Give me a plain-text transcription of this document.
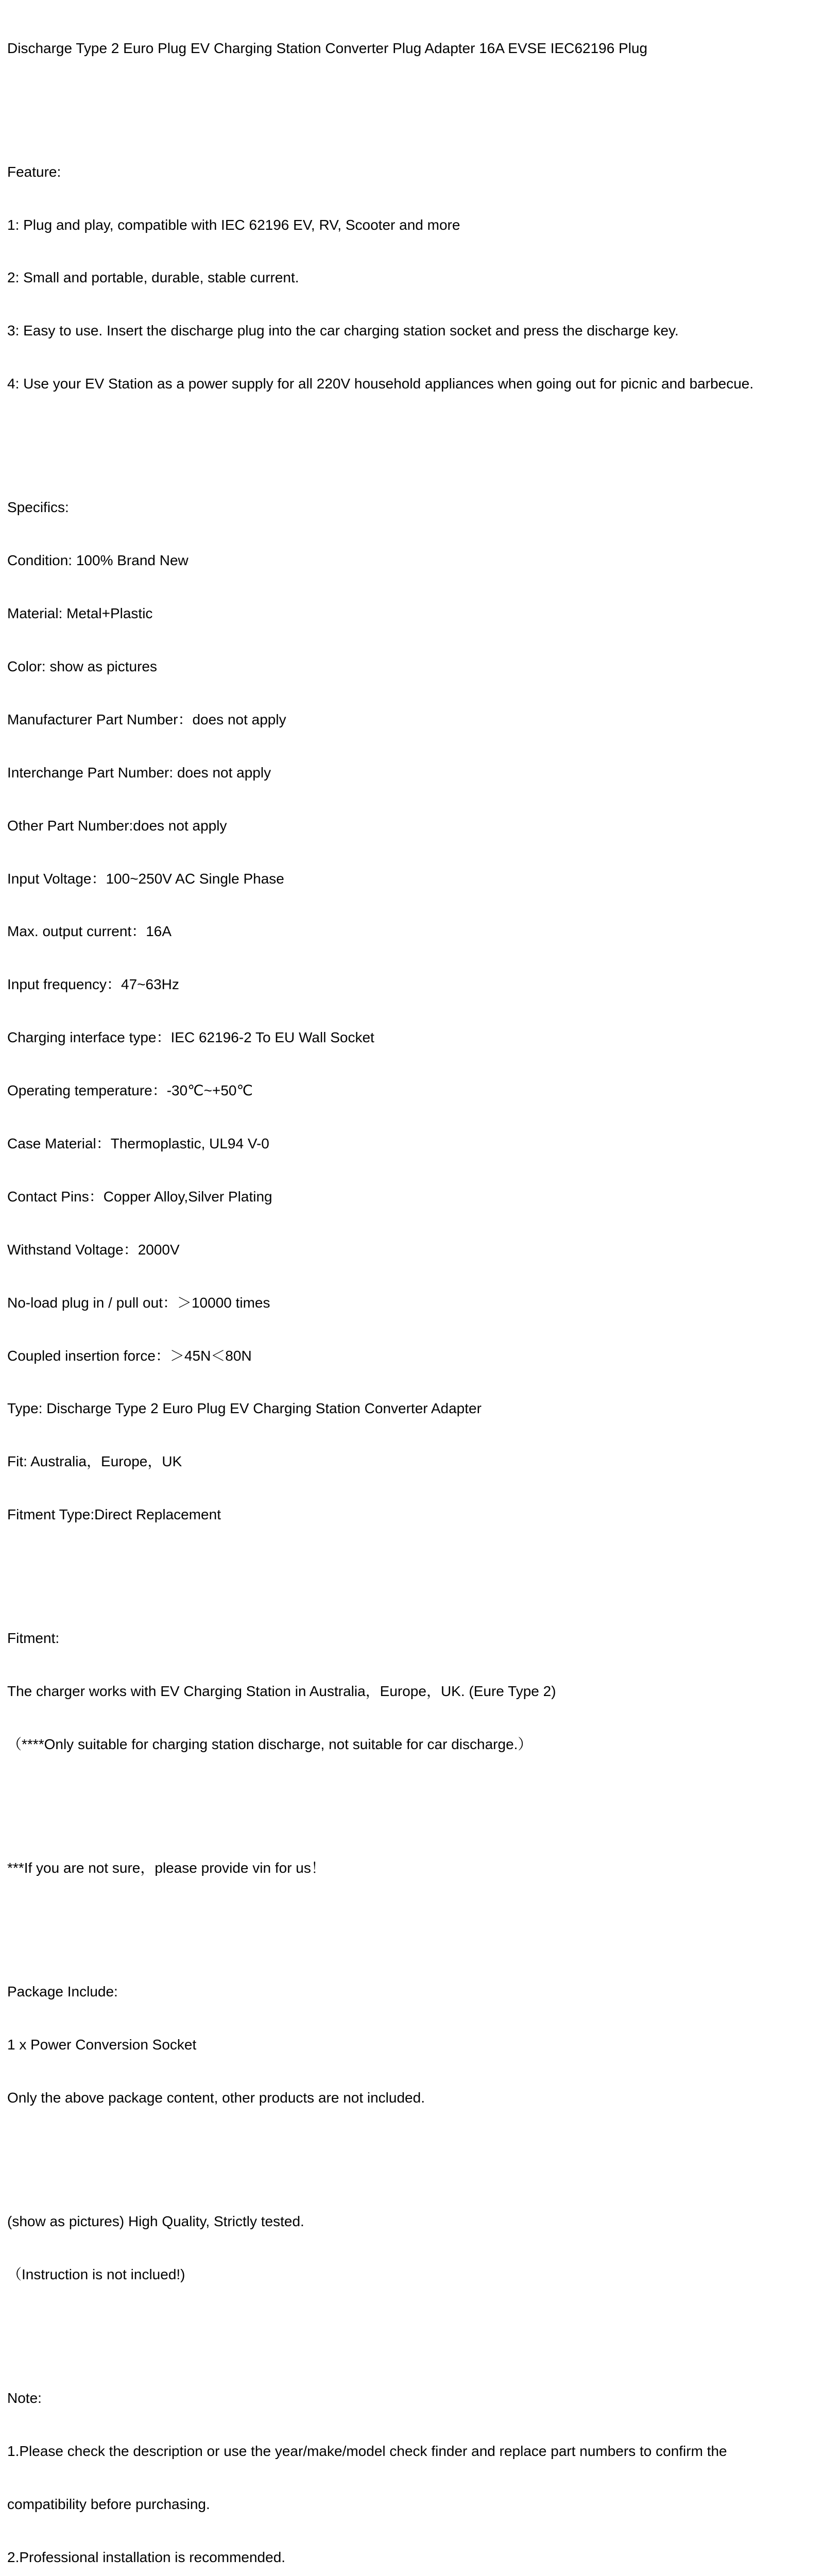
Discharge Type 2 Euro Plug EV Charging Station Converter Plug Adapter 16A EVSE IEC62196 Plug

Feature:

1: Plug and play, compatible with IEC 62196 EV, RV, Scooter and more

2: Small and portable, durable, stable current.

3: Easy to use. Insert the discharge plug into the car charging station socket and press the discharge key.

4: Use your EV Station as a power supply for all 220V household appliances when going out for picnic and barbecue.

Specifics:

Condition: 100% Brand New

Material: Metal+Plastic

Color: show as pictures

Manufacturer Part Number：does not apply

Interchange Part Number: does not apply

Other Part Number:does not apply

Input Voltage：100~250V AC Single Phase

Max. output current：16A

Input frequency：47~63Hz

Charging interface type：IEC 62196-2 To EU Wall Socket

Operating temperature：-30℃~+50℃

Case Material：Thermoplastic, UL94 V-0

Contact Pins：Copper Alloy,Silver Plating

Withstand Voltage：2000V

No-load plug in / pull out：＞10000 times

Coupled insertion force：＞45N＜80N

Type: Discharge Type 2 Euro Plug EV Charging Station Converter Adapter

Fit: Australia，Europe，UK

Fitment Type:Direct Replacement

Fitment:

The charger works with EV Charging Station in Australia，Europe，UK. (Eure Type 2)

（****Only suitable for charging station discharge, not suitable for car discharge.）

***If you are not sure，please provide vin for us！

Package Include:

1 x Power Conversion Socket

Only the above package content, other products are not included.

(show as pictures) High Quality, Strictly tested.

（Instruction is not inclued!)

Note:

1.Please check the description or use the year/make/model check finder and replace part numbers to confirm the

compatibility before purchasing.

2.Professional installation is recommended.
